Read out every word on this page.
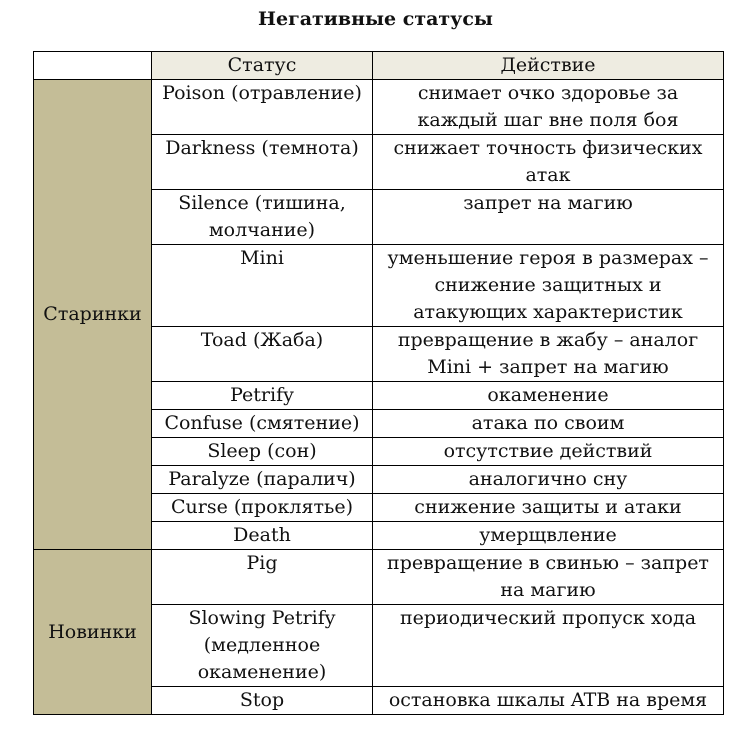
Негативные статусы
	Статус	Действие
Старинки	Poison (отравление)	снимает очко здоровье за каждый шаг вне поля боя
	Darkness (темнота)	снижает точность физических атак
	Silence (тишина, молчание)	запрет на магию
	Mini	уменьшение героя в размерах – снижение защитных и атакующих характеристик
	Toad (Жаба)	превращение в жабу – аналог Mini + запрет на магию
	Petrify	окаменение
	Confuse (смятение)	атака по своим
	Sleep (сон)	отсутствие действий
	Paralyze (паралич)	аналогично сну
	Curse (проклятье)	снижение защиты и атаки
	Death	умерщвление
Новинки	Pig	превращение в свинью – запрет на магию
	Slowing Petrify (медленное окаменение)	периодический пропуск хода
	Stop	остановка шкалы ATB на время
